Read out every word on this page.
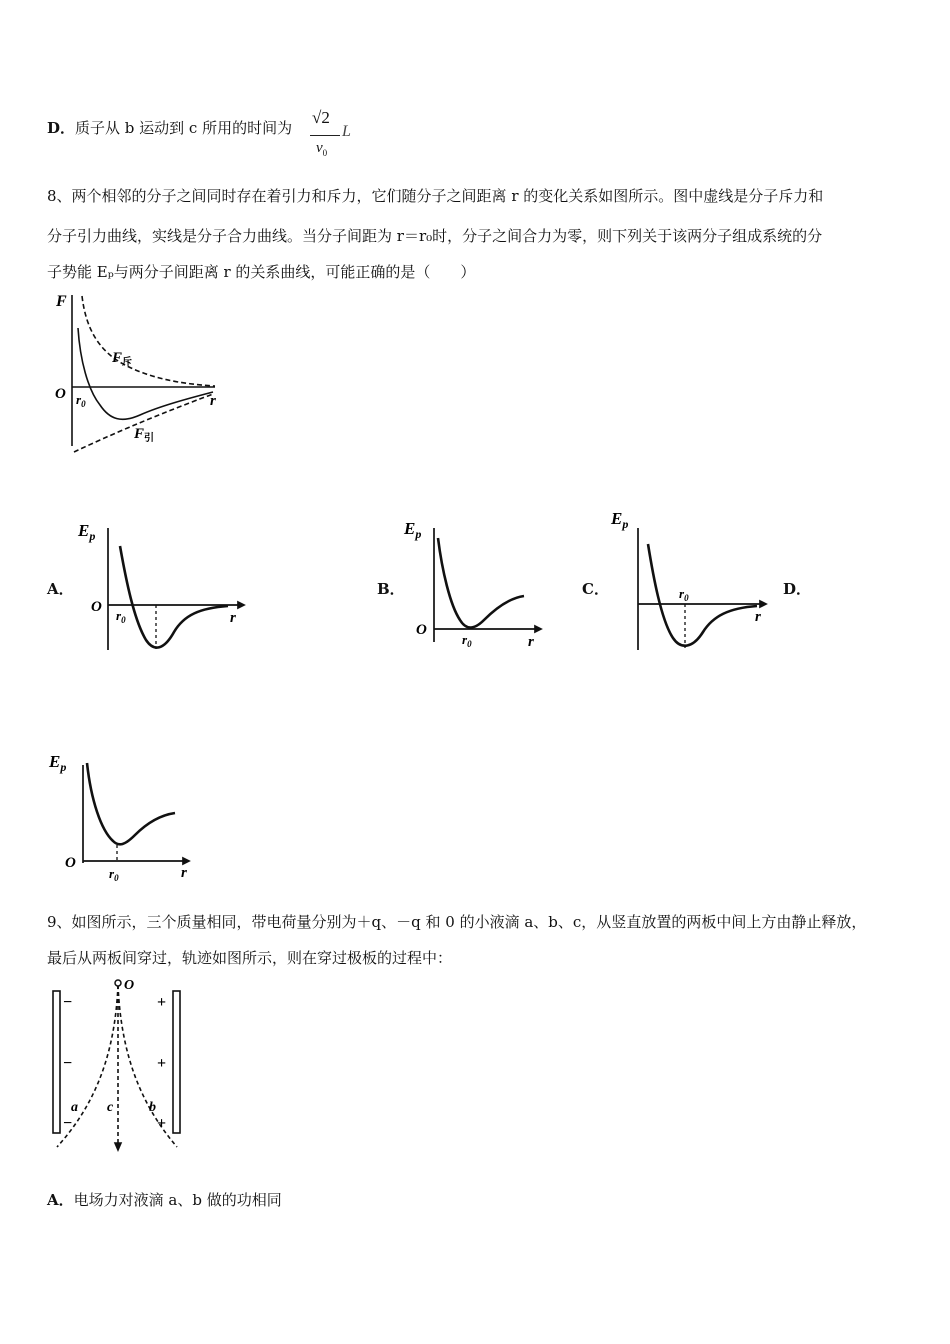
D．质子从 b 运动到 c 所用的时间为
√2
$v_0$
L
8、两个相邻的分子之间同时存在着引力和斥力，它们随分子之间距离 r 的变化关系如图所示。图中虚线是分子斥力和
分子引力曲线，实线是分子合力曲线。当分子间距为 r＝r₀时，分子之间合力为零，则下列关于该两分子组成系统的分
子势能 Eₚ与两分子间距离 r 的关系曲线，可能正确的是（　　）
F
O	r
$r_0$
$F_斥$
$F_引$
A．	B．	C．	D．
$E_p$
O
$r_0$	r
$E_p$
O
$r_0$	r
$E_p$
$r_0$
r
$E_p$
O
$r_0$	r
9、如图所示，三个质量相同，带电荷量分别为＋q、－q 和 0 的小液滴 a、b、c，从竖直放置的两板中间上方由静止释放，
最后从两板间穿过，轨迹如图所示，则在穿过极板的过程中：
O
−
−
−
+
+
+
a c	b
A．电场力对液滴 a、b 做的功相同
